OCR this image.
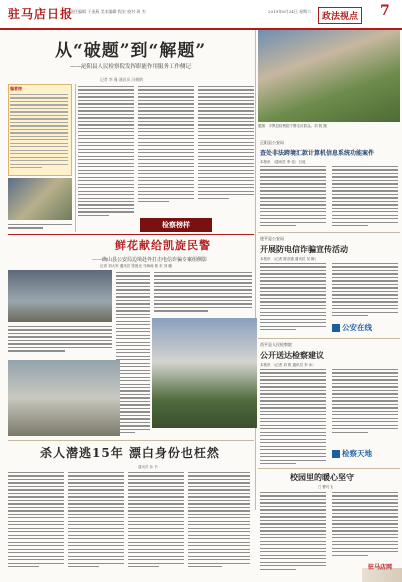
驻马店日报
责任编辑 于金燕 美术编辑 程宏 校对 周 杰	2019年8月24日 星期六
政法视点 7
从“破题”到“解题”
——泌阳县人民检察院发挥职能作用服务工作侧记
记者 李 瑾 通讯员 冯梅钢
编者按
检察榜样
题图：平舆县检察院干警走访群众。刘 锐 摄
正阳县公安局
查处非法跨境汇款计算机信息系统功能案件
本报讯 （通讯员 李 佳）日前，
遂平县公安局
开展防电信诈骗宣传活动
本报讯 （记者 陈彦通 通讯员 吴 翀）
公安在线
西平县人民检察院
公开送达检察建议
本报讯 （记者 刘 锐 通讯员 李 冰）
检察天地
鲜花献给凯旋民警
——确山县公安局边境赴外打击电信诈骗专案组侧影
记者 刘大军 通讯员 张晨光 马海涛 郭 东 刘 鹏
杀人潜逃15年 漂白身份也枉然
通讯员 孙 书
校园里的暖心坚守
□ 曹巧飞
驻马店网
